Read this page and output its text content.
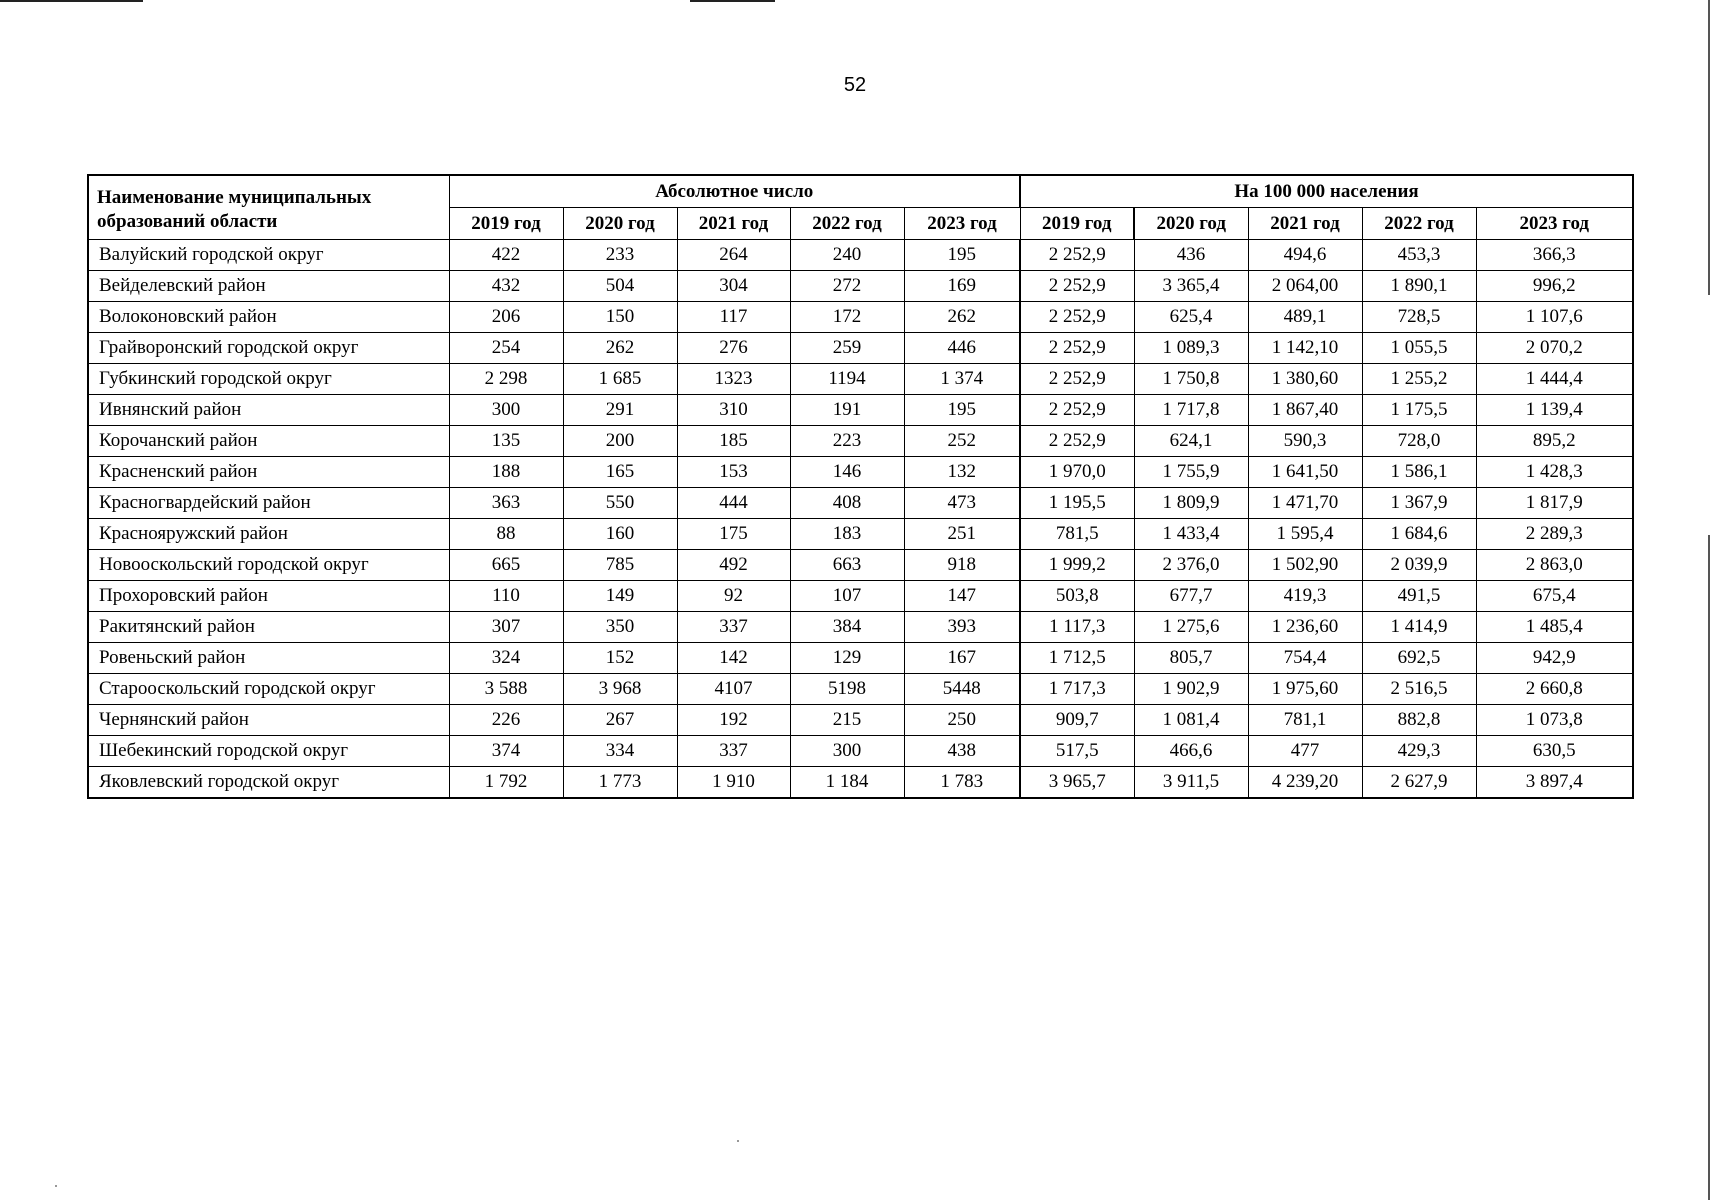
52
Наименование муниципальных образований области	Абсолютное число					На 100 000 населения				
	2019 год	2020 год	2021 год	2022 год	2023 год	2019 год	2020 год	2021 год	2022 год	2023 год
Валуйский городской округ	422	233	264	240	195	2 252,9	436	494,6	453,3	366,3
Вейделевский район	432	504	304	272	169	2 252,9	3 365,4	2 064,00	1 890,1	996,2
Волоконовский район	206	150	117	172	262	2 252,9	625,4	489,1	728,5	1 107,6
Грайворонский городской округ	254	262	276	259	446	2 252,9	1 089,3	1 142,10	1 055,5	2 070,2
Губкинский городской округ	2 298	1 685	1323	1194	1 374	2 252,9	1 750,8	1 380,60	1 255,2	1 444,4
Ивнянский район	300	291	310	191	195	2 252,9	1 717,8	1 867,40	1 175,5	1 139,4
Корочанский район	135	200	185	223	252	2 252,9	624,1	590,3	728,0	895,2
Красненский район	188	165	153	146	132	1 970,0	1 755,9	1 641,50	1 586,1	1 428,3
Красногвардейский район	363	550	444	408	473	1 195,5	1 809,9	1 471,70	1 367,9	1 817,9
Краснояружский район	88	160	175	183	251	781,5	1 433,4	1 595,4	1 684,6	2 289,3
Новооскольский городской округ	665	785	492	663	918	1 999,2	2 376,0	1 502,90	2 039,9	2 863,0
Прохоровский район	110	149	92	107	147	503,8	677,7	419,3	491,5	675,4
Ракитянский район	307	350	337	384	393	1 117,3	1 275,6	1 236,60	1 414,9	1 485,4
Ровеньский район	324	152	142	129	167	1 712,5	805,7	754,4	692,5	942,9
Старооскольский городской округ	3 588	3 968	4107	5198	5448	1 717,3	1 902,9	1 975,60	2 516,5	2 660,8
Чернянский район	226	267	192	215	250	909,7	1 081,4	781,1	882,8	1 073,8
Шебекинский городской округ	374	334	337	300	438	517,5	466,6	477	429,3	630,5
Яковлевский городской округ	1 792	1 773	1 910	1 184	1 783	3 965,7	3 911,5	4 239,20	2 627,9	3 897,4
